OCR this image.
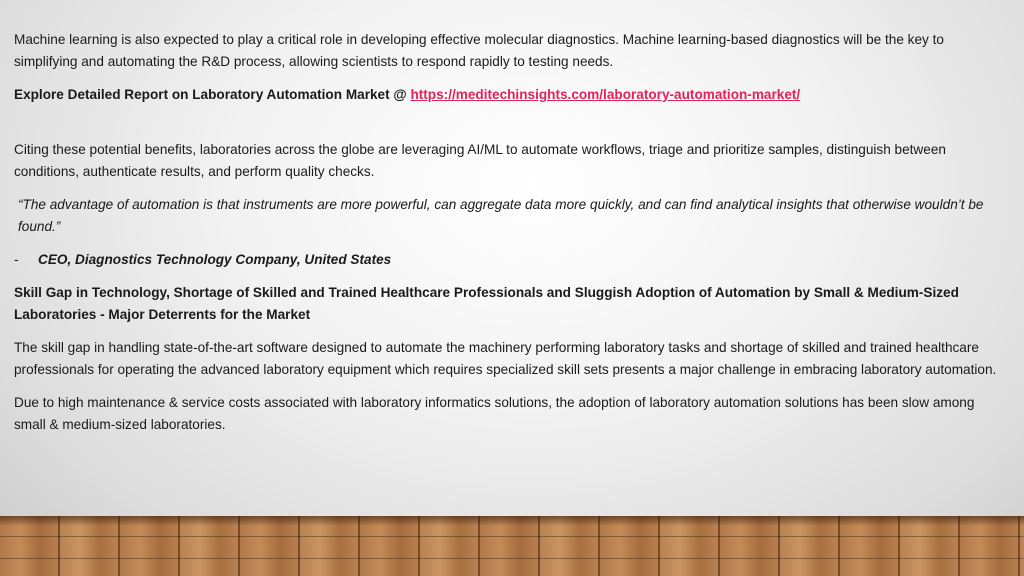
Machine learning is also expected to play a critical role in developing effective molecular diagnostics. Machine learning-based diagnostics will be the key to simplifying and automating the R&D process, allowing scientists to respond rapidly to testing needs.

Explore Detailed Report on Laboratory Automation Market @ https://meditechinsights.com/laboratory-automation-market/

Citing these potential benefits, laboratories across the globe are leveraging AI/ML to automate workflows, triage and prioritize samples, distinguish between conditions, authenticate results, and perform quality checks.

“The advantage of automation is that instruments are more powerful, can aggregate data more quickly, and can find analytical insights that otherwise wouldn’t be found.”

-	CEO, Diagnostics Technology Company, United States

Skill Gap in Technology, Shortage of Skilled and Trained Healthcare Professionals and Sluggish Adoption of Automation by Small & Medium-Sized Laboratories - Major Deterrents for the Market

The skill gap in handling state-of-the-art software designed to automate the machinery performing laboratory tasks and shortage of skilled and trained healthcare professionals for operating the advanced laboratory equipment which requires specialized skill sets presents a major challenge in embracing laboratory automation.

Due to high maintenance & service costs associated with laboratory informatics solutions, the adoption of laboratory automation solutions has been slow among small & medium-sized laboratories.
